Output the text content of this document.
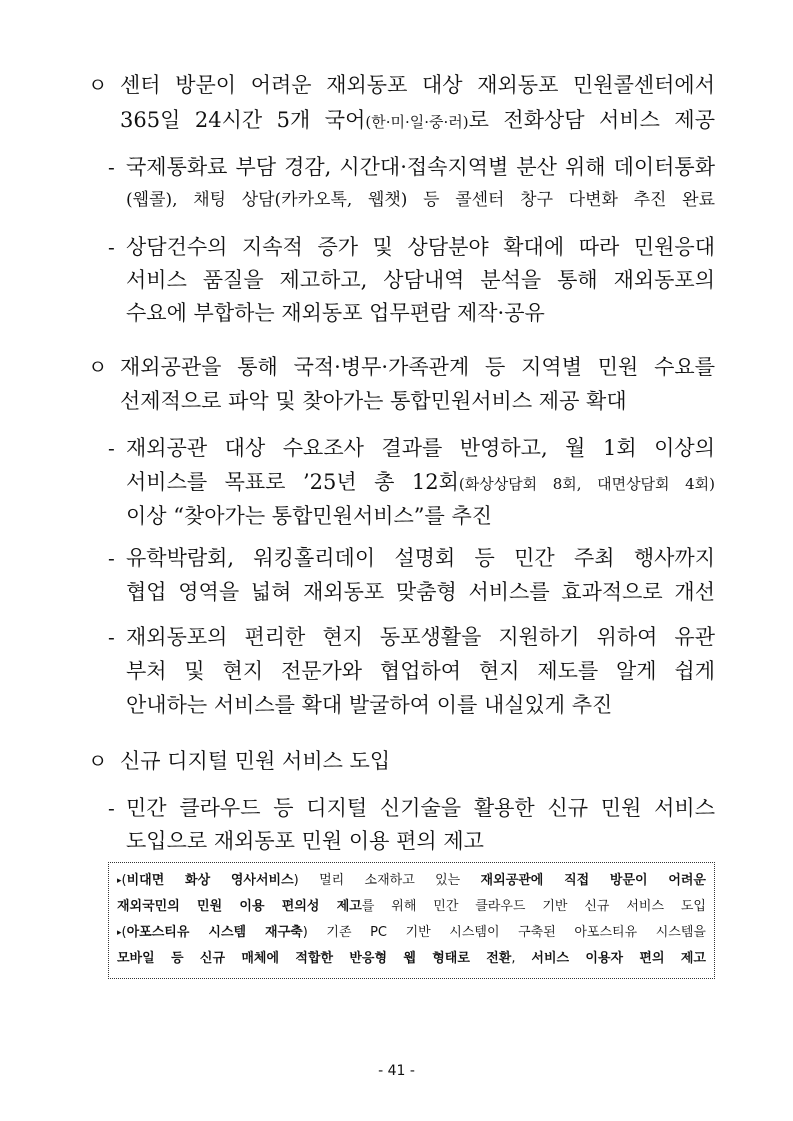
ㅇ 센터 방문이 어려운 재외동포 대상 재외동포 민원콜센터에서
365일 24시간 5개 국어(한·미·일·중·러)로 전화상담 서비스 제공
- 국제통화료 부담 경감, 시간대·접속지역별 분산 위해 데이터통화
(웹콜), 채팅 상담(카카오톡, 웹챗) 등 콜센터 창구 다변화 추진 완료
- 상담건수의 지속적 증가 및 상담분야 확대에 따라 민원응대
서비스 품질을 제고하고, 상담내역 분석을 통해 재외동포의
수요에 부합하는 재외동포 업무편람 제작·공유
ㅇ 재외공관을 통해 국적·병무·가족관계 등 지역별 민원 수요를
선제적으로 파악 및 찾아가는 통합민원서비스 제공 확대
- 재외공관 대상 수요조사 결과를 반영하고, 월 1회 이상의
서비스를 목표로 ’25년 총 12회(화상상담회 8회, 대면상담회 4회)
이상 “찾아가는 통합민원서비스”를 추진
- 유학박람회, 워킹홀리데이 설명회 등 민간 주최 행사까지
협업 영역을 넓혀 재외동포 맞춤형 서비스를 효과적으로 개선
- 재외동포의 편리한 현지 동포생활을 지원하기 위하여 유관
부처 및 현지 전문가와 협업하여 현지 제도를 알게 쉽게
안내하는 서비스를 확대 발굴하여 이를 내실있게 추진
ㅇ 신규 디지털 민원 서비스 도입
- 민간 클라우드 등 디지털 신기술을 활용한 신규 민원 서비스
도입으로 재외동포 민원 이용 편의 제고
▸(비대면 화상 영사서비스) 멀리 소재하고 있는 재외공관에 직접 방문이 어려운
재외국민의 민원 이용 편의성 제고를 위해 민간 클라우드 기반 신규 서비스 도입
▸(아포스티유 시스템 재구축) 기존 PC 기반 시스템이 구축된 아포스티유 시스템을
모바일 등 신규 매체에 적합한 반응형 웹 형태로 전환, 서비스 이용자 편의 제고
- 41 -
